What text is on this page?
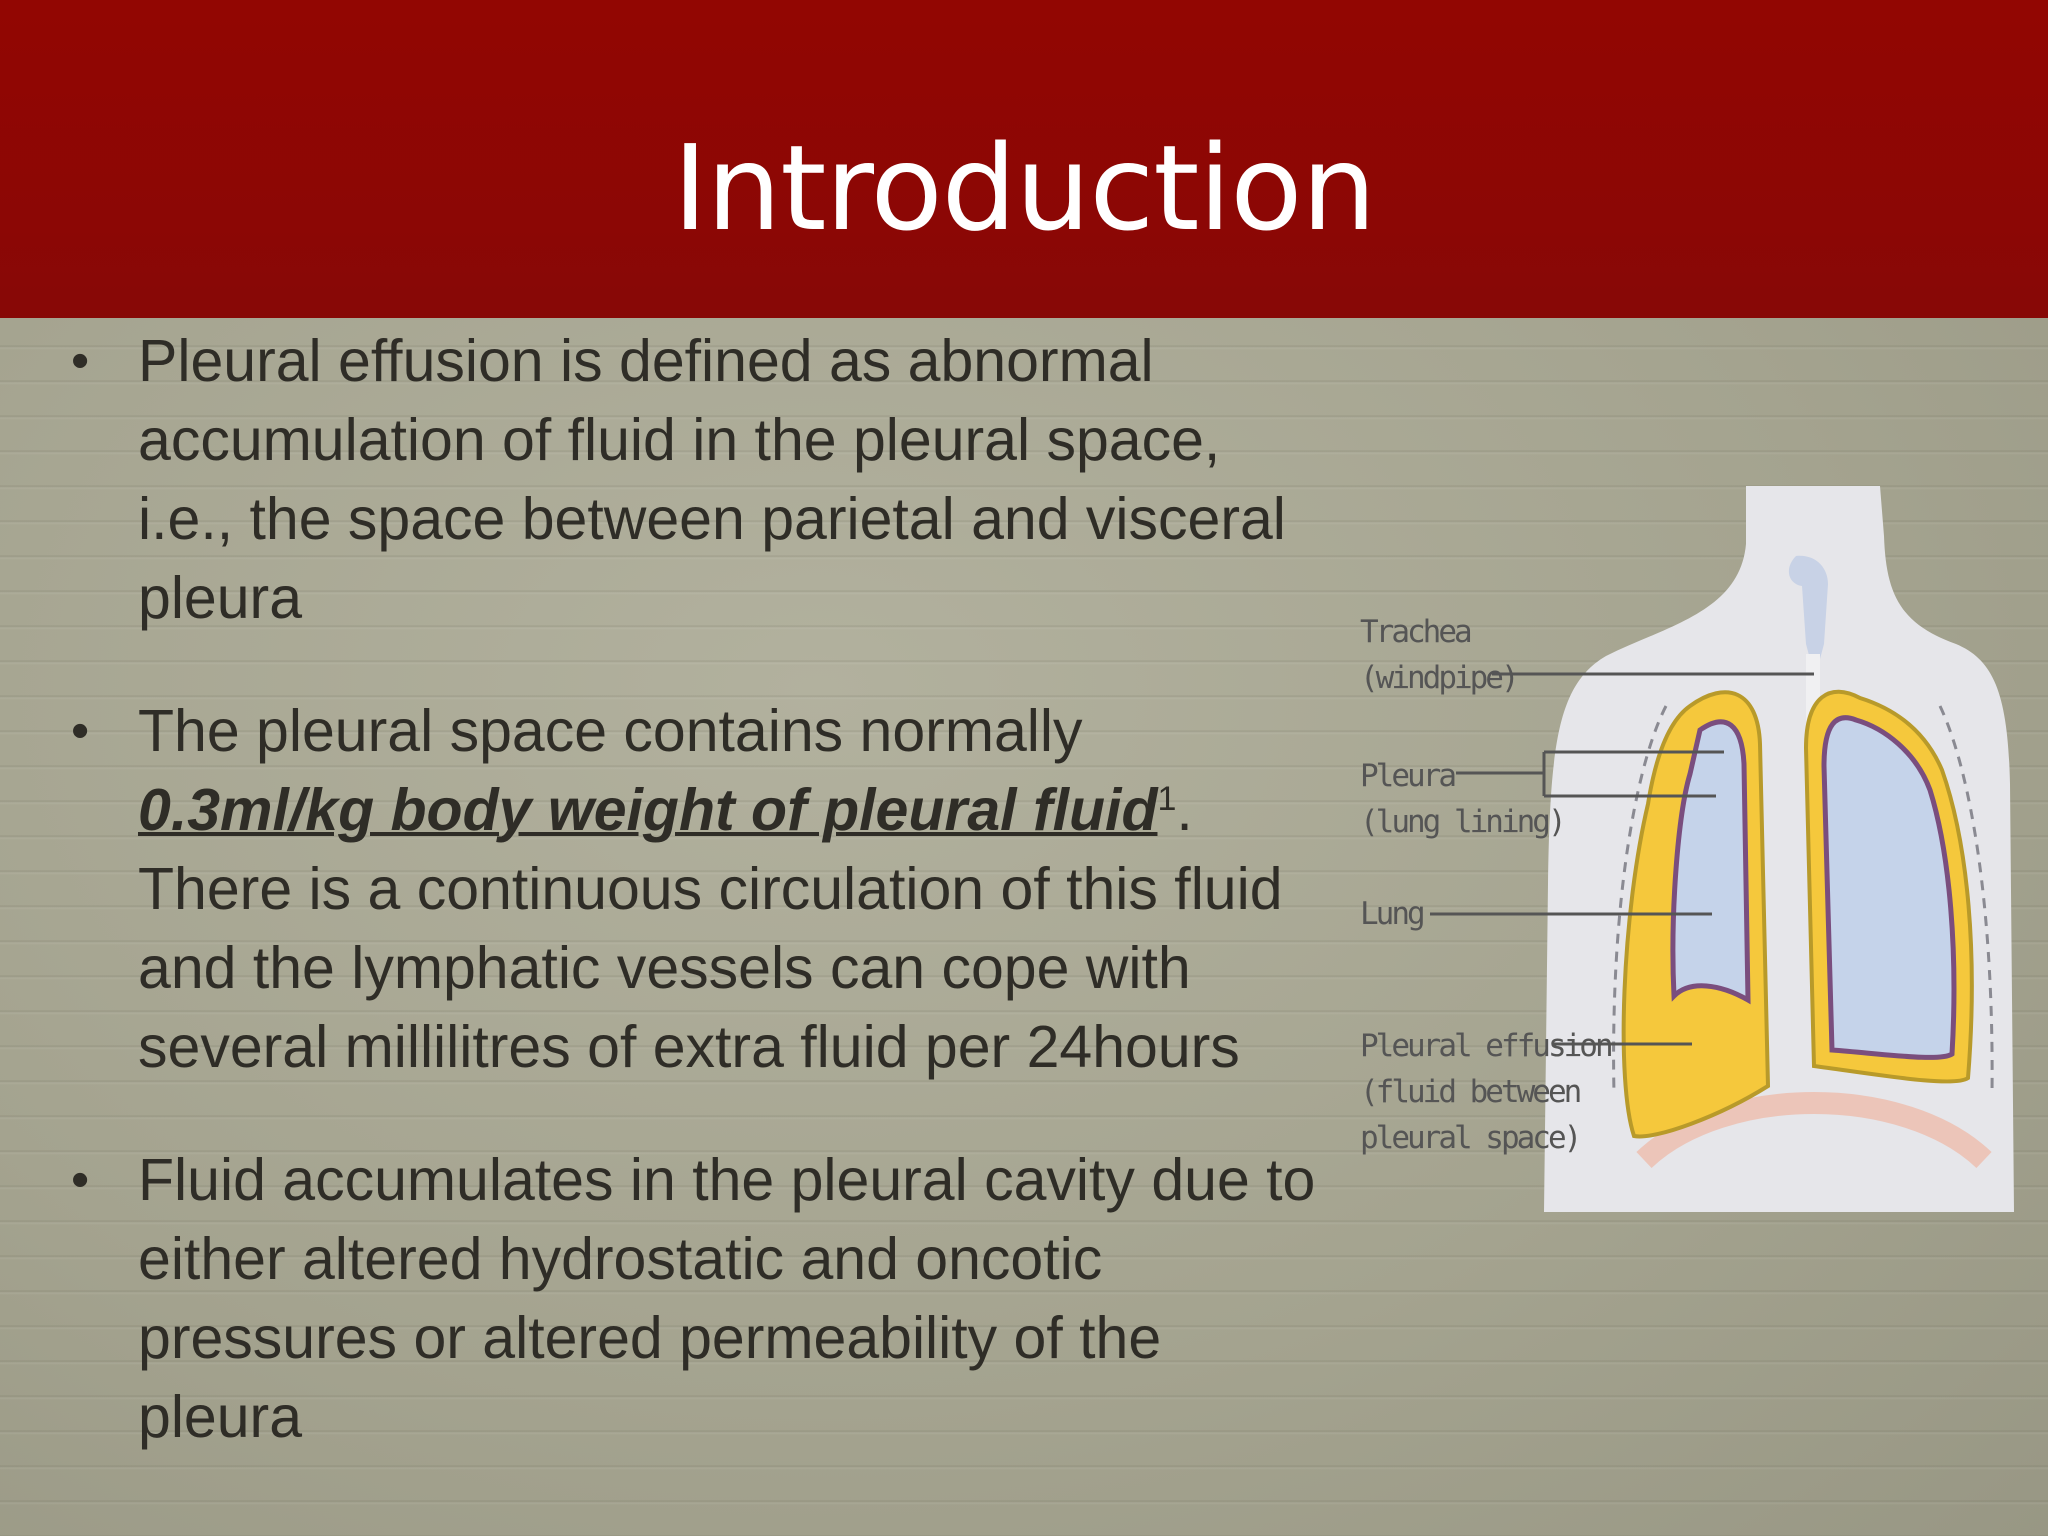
Introduction
• Pleural effusion is defined as abnormal accumulation of fluid in the pleural space, i.e., the space between parietal and visceral pleura
• The pleural space contains normally 0.3ml/kg body weight of pleural fluid$^1$. There is a continuous circulation of this fluid and the lymphatic vessels can cope with several millilitres of extra fluid per 24hours
• Fluid accumulates in the pleural cavity due to either altered hydrostatic and oncotic pressures or altered permeability of the pleura
Trachea
(windpipe)
Pleura
(lung lining)
Lung
Pleural effusion
(fluid between
pleural space)
